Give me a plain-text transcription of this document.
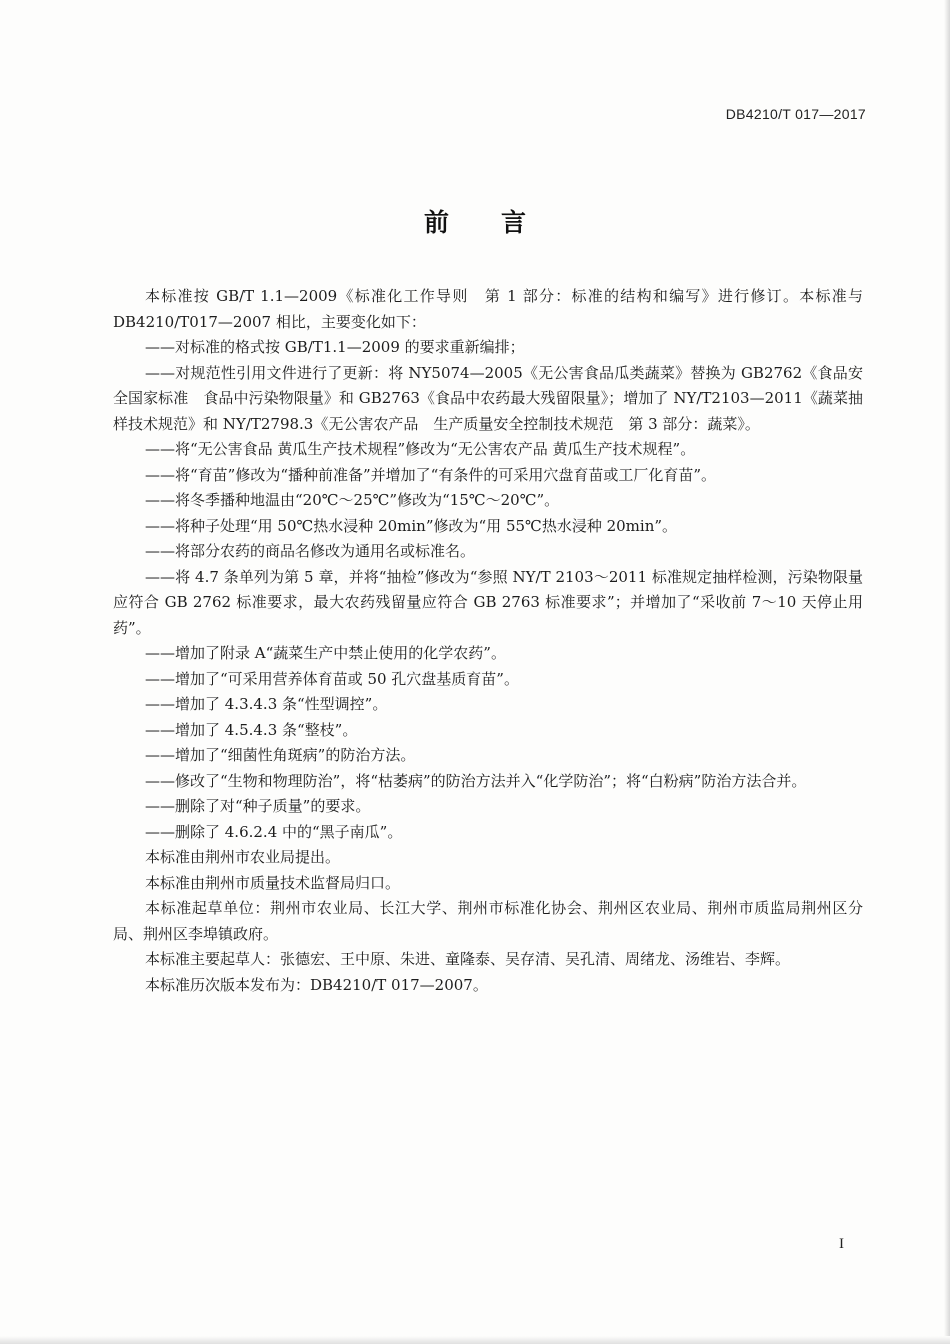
DB4210/T 017—2017
前言

本标准按 GB/T 1.1—2009《标准化工作导则　第 1 部分：标准的结构和编写》进行修订。本标准与 DB4210/T017—2007 相比，主要变化如下：

——对标准的格式按 GB/T1.1—2009 的要求重新编排；

——对规范性引用文件进行了更新：将 NY5074—2005《无公害食品瓜类蔬菜》替换为 GB2762《食品安全国家标准　食品中污染物限量》和 GB2763《食品中农药最大残留限量》；增加了 NY/T2103—2011《蔬菜抽样技术规范》和 NY/T2798.3《无公害农产品　生产质量安全控制技术规范　第 3 部分：蔬菜》。

——将“无公害食品 黄瓜生产技术规程”修改为“无公害农产品 黄瓜生产技术规程”。

——将“育苗”修改为“播种前准备”并增加了“有条件的可采用穴盘育苗或工厂化育苗”。

——将冬季播种地温由“20℃～25℃”修改为“15℃～20℃”。

——将种子处理“用 50℃热水浸种 20min”修改为“用 55℃热水浸种 20min”。

——将部分农药的商品名修改为通用名或标准名。

——将 4.7 条单列为第 5 章，并将“抽检”修改为“参照 NY/T 2103～2011 标准规定抽样检测，污染物限量应符合 GB 2762 标准要求，最大农药残留量应符合 GB 2763 标准要求”；并增加了“采收前 7～10 天停止用药”。

——增加了附录 A“蔬菜生产中禁止使用的化学农药”。

——增加了“可采用营养体育苗或 50 孔穴盘基质育苗”。

——增加了 4.3.4.3 条“性型调控”。

——增加了 4.5.4.3 条“整枝”。

——增加了“细菌性角斑病”的防治方法。

——修改了“生物和物理防治”，将“枯萎病”的防治方法并入“化学防治”；将“白粉病”防治方法合并。

——删除了对“种子质量”的要求。

——删除了 4.6.2.4 中的“黑子南瓜”。

本标准由荆州市农业局提出。

本标准由荆州市质量技术监督局归口。

本标准起草单位：荆州市农业局、长江大学、荆州市标准化协会、荆州区农业局、荆州市质监局荆州区分局、荆州区李埠镇政府。

本标准主要起草人：张德宏、王中原、朱进、童隆泰、吴存清、吴孔清、周绪龙、汤维岩、李辉。

本标准历次版本发布为：DB4210/T 017—2007。

I
